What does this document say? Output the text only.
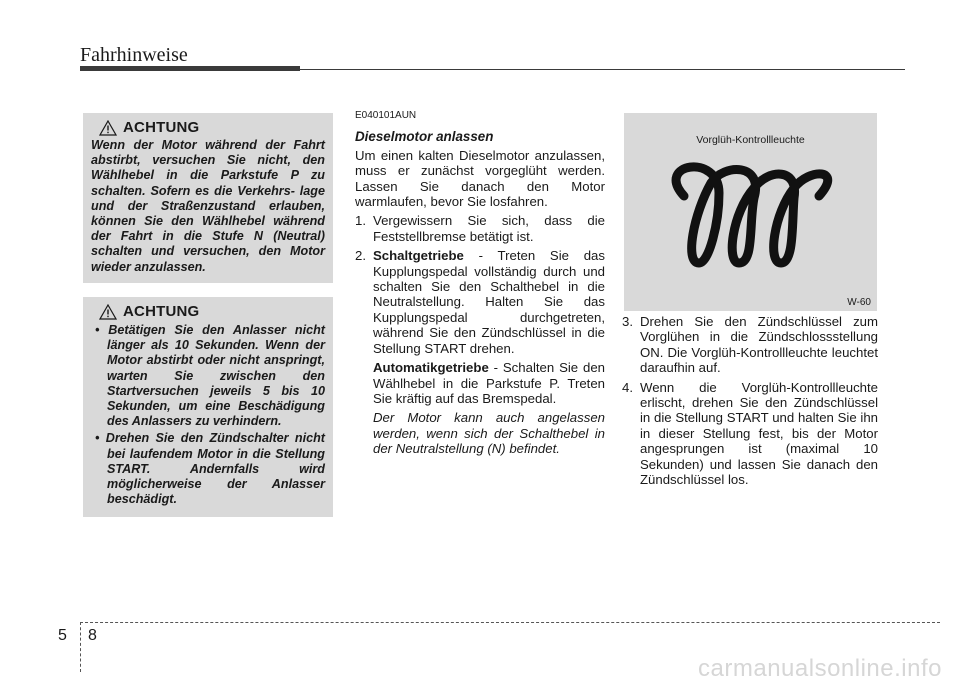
Fahrhinweise
ACHTUNG
Wenn der Motor während der Fahrt abstirbt, versuchen Sie nicht, den Wählhebel in die Parkstufe P zu schalten. Sofern es die Verkehrs- lage und der Straßenzustand erlauben, können Sie den Wählhebel während der Fahrt in die Stufe N (Neutral) schalten und versuchen, den Motor wieder anzulassen.
ACHTUNG
• Betätigen Sie den Anlasser nicht länger als 10 Sekunden. Wenn der Motor abstirbt oder nicht anspringt, warten Sie zwischen den Startversuchen jeweils 5 bis 10 Sekunden, um eine Beschädigung des Anlassers zu verhindern.
• Drehen Sie den Zündschalter nicht bei laufendem Motor in die Stellung START. Andernfalls wird möglicherweise der Anlasser beschädigt.
E040101AUN
Dieselmotor anlassen
Um einen kalten Dieselmotor anzulassen, muss er zunächst vorgeglüht werden. Lassen Sie danach den Motor warmlaufen, bevor Sie losfahren.
1. Vergewissern Sie sich, dass die Feststellbremse betätigt ist.
2. Schaltgetriebe - Treten Sie das Kupplungspedal vollständig durch und schalten Sie den Schalthebel in die Neutralstellung. Halten Sie das Kupplungspedal durchgetreten, während Sie den Zündschlüssel in die Stellung START drehen.
Automatikgetriebe - Schalten Sie den Wählhebel in die Parkstufe P. Treten Sie kräftig auf das Bremspedal.
Der Motor kann auch angelassen werden, wenn sich der Schalthebel in der Neutralstellung (N) befindet.
Vorglüh-Kontrollleuchte
W-60
3. Drehen Sie den Zündschlüssel zum Vorglühen in die Zündschlossstellung ON. Die Vorglüh-Kontrollleuchte leuchtet daraufhin auf.
4. Wenn die Vorglüh-Kontrollleuchte erlischt, drehen Sie den Zündschlüssel in die Stellung START und halten Sie ihn in dieser Stellung fest, bis der Motor angesprungen ist (maximal 10 Sekunden) und lassen Sie danach den Zündschlüssel los.
5 8
carmanualsonline.info
